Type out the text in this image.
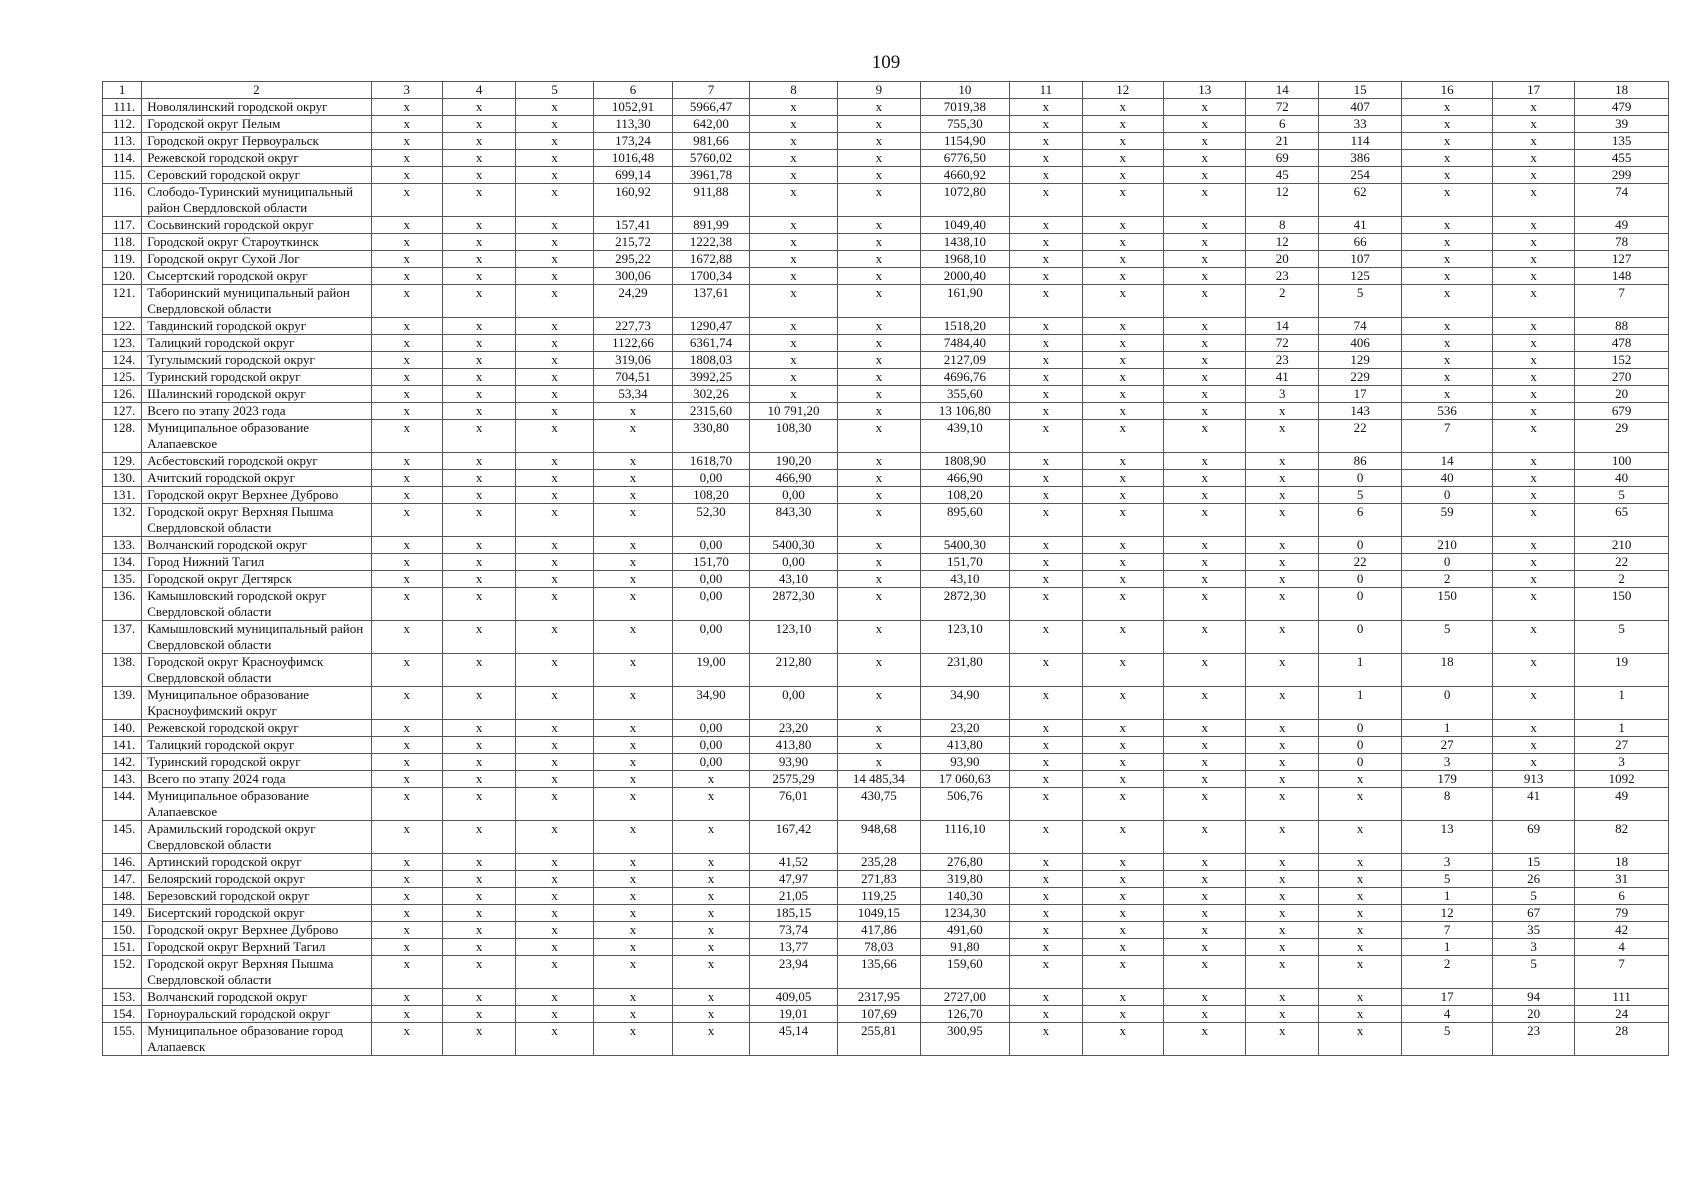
109
1	2	3	4	5	6	7	8	9	10	11	12	13	14	15	16	17	18
111.	Новолялинский городской округ	x	x	x	1052,91	5966,47	x	x	7019,38	x	x	x	72	407	x	x	479
112.	Городской округ Пелым	x	x	x	113,30	642,00	x	x	755,30	x	x	x	6	33	x	x	39
113.	Городской округ Первоуральск	x	x	x	173,24	981,66	x	x	1154,90	x	x	x	21	114	x	x	135
114.	Режевской городской округ	x	x	x	1016,48	5760,02	x	x	6776,50	x	x	x	69	386	x	x	455
115.	Серовский городской округ	x	x	x	699,14	3961,78	x	x	4660,92	x	x	x	45	254	x	x	299
116.	Слободо-Туринский муниципальный район Свердловской области	x	x	x	160,92	911,88	x	x	1072,80	x	x	x	12	62	x	x	74
117.	Сосьвинский городской округ	x	x	x	157,41	891,99	x	x	1049,40	x	x	x	8	41	x	x	49
118.	Городской округ Староуткинск	x	x	x	215,72	1222,38	x	x	1438,10	x	x	x	12	66	x	x	78
119.	Городской округ Сухой Лог	x	x	x	295,22	1672,88	x	x	1968,10	x	x	x	20	107	x	x	127
120.	Сысертский городской округ	x	x	x	300,06	1700,34	x	x	2000,40	x	x	x	23	125	x	x	148
121.	Таборинский муниципальный район Свердловской области	x	x	x	24,29	137,61	x	x	161,90	x	x	x	2	5	x	x	7
122.	Тавдинский городской округ	x	x	x	227,73	1290,47	x	x	1518,20	x	x	x	14	74	x	x	88
123.	Талицкий городской округ	x	x	x	1122,66	6361,74	x	x	7484,40	x	x	x	72	406	x	x	478
124.	Тугулымский городской округ	x	x	x	319,06	1808,03	x	x	2127,09	x	x	x	23	129	x	x	152
125.	Туринский городской округ	x	x	x	704,51	3992,25	x	x	4696,76	x	x	x	41	229	x	x	270
126.	Шалинский городской округ	x	x	x	53,34	302,26	x	x	355,60	x	x	x	3	17	x	x	20
127.	Всего по этапу 2023 года	x	x	x	x	2315,60	10 791,20	x	13 106,80	x	x	x	x	143	536	x	679
128.	Муниципальное образование Алапаевское	x	x	x	x	330,80	108,30	x	439,10	x	x	x	x	22	7	x	29
129.	Асбестовский городской округ	x	x	x	x	1618,70	190,20	x	1808,90	x	x	x	x	86	14	x	100
130.	Ачитский городской округ	x	x	x	x	0,00	466,90	x	466,90	x	x	x	x	0	40	x	40
131.	Городской округ Верхнее Дуброво	x	x	x	x	108,20	0,00	x	108,20	x	x	x	x	5	0	x	5
132.	Городской округ Верхняя Пышма Свердловской области	x	x	x	x	52,30	843,30	x	895,60	x	x	x	x	6	59	x	65
133.	Волчанский городской округ	x	x	x	x	0,00	5400,30	x	5400,30	x	x	x	x	0	210	x	210
134.	Город Нижний Тагил	x	x	x	x	151,70	0,00	x	151,70	x	x	x	x	22	0	x	22
135.	Городской округ Дегтярск	x	x	x	x	0,00	43,10	x	43,10	x	x	x	x	0	2	x	2
136.	Камышловский городской округ Свердловской области	x	x	x	x	0,00	2872,30	x	2872,30	x	x	x	x	0	150	x	150
137.	Камышловский муниципальный район Свердловской области	x	x	x	x	0,00	123,10	x	123,10	x	x	x	x	0	5	x	5
138.	Городской округ Красноуфимск Свердловской области	x	x	x	x	19,00	212,80	x	231,80	x	x	x	x	1	18	x	19
139.	Муниципальное образование Красноуфимский округ	x	x	x	x	34,90	0,00	x	34,90	x	x	x	x	1	0	x	1
140.	Режевской городской округ	x	x	x	x	0,00	23,20	x	23,20	x	x	x	x	0	1	x	1
141.	Талицкий городской округ	x	x	x	x	0,00	413,80	x	413,80	x	x	x	x	0	27	x	27
142.	Туринский городской округ	x	x	x	x	0,00	93,90	x	93,90	x	x	x	x	0	3	x	3
143.	Всего по этапу 2024 года	x	x	x	x	x	2575,29	14 485,34	17 060,63	x	x	x	x	x	179	913	1092
144.	Муниципальное образование Алапаевское	x	x	x	x	x	76,01	430,75	506,76	x	x	x	x	x	8	41	49
145.	Арамильский городской округ Свердловской области	x	x	x	x	x	167,42	948,68	1116,10	x	x	x	x	x	13	69	82
146.	Артинский городской округ	x	x	x	x	x	41,52	235,28	276,80	x	x	x	x	x	3	15	18
147.	Белоярский городской округ	x	x	x	x	x	47,97	271,83	319,80	x	x	x	x	x	5	26	31
148.	Березовский городской округ	x	x	x	x	x	21,05	119,25	140,30	x	x	x	x	x	1	5	6
149.	Бисертский городской округ	x	x	x	x	x	185,15	1049,15	1234,30	x	x	x	x	x	12	67	79
150.	Городской округ Верхнее Дуброво	x	x	x	x	x	73,74	417,86	491,60	x	x	x	x	x	7	35	42
151.	Городской округ Верхний Тагил	x	x	x	x	x	13,77	78,03	91,80	x	x	x	x	x	1	3	4
152.	Городской округ Верхняя Пышма Свердловской области	x	x	x	x	x	23,94	135,66	159,60	x	x	x	x	x	2	5	7
153.	Волчанский городской округ	x	x	x	x	x	409,05	2317,95	2727,00	x	x	x	x	x	17	94	111
154.	Горноуральский городской округ	x	x	x	x	x	19,01	107,69	126,70	x	x	x	x	x	4	20	24
155.	Муниципальное образование город Алапаевск	x	x	x	x	x	45,14	255,81	300,95	x	x	x	x	x	5	23	28
